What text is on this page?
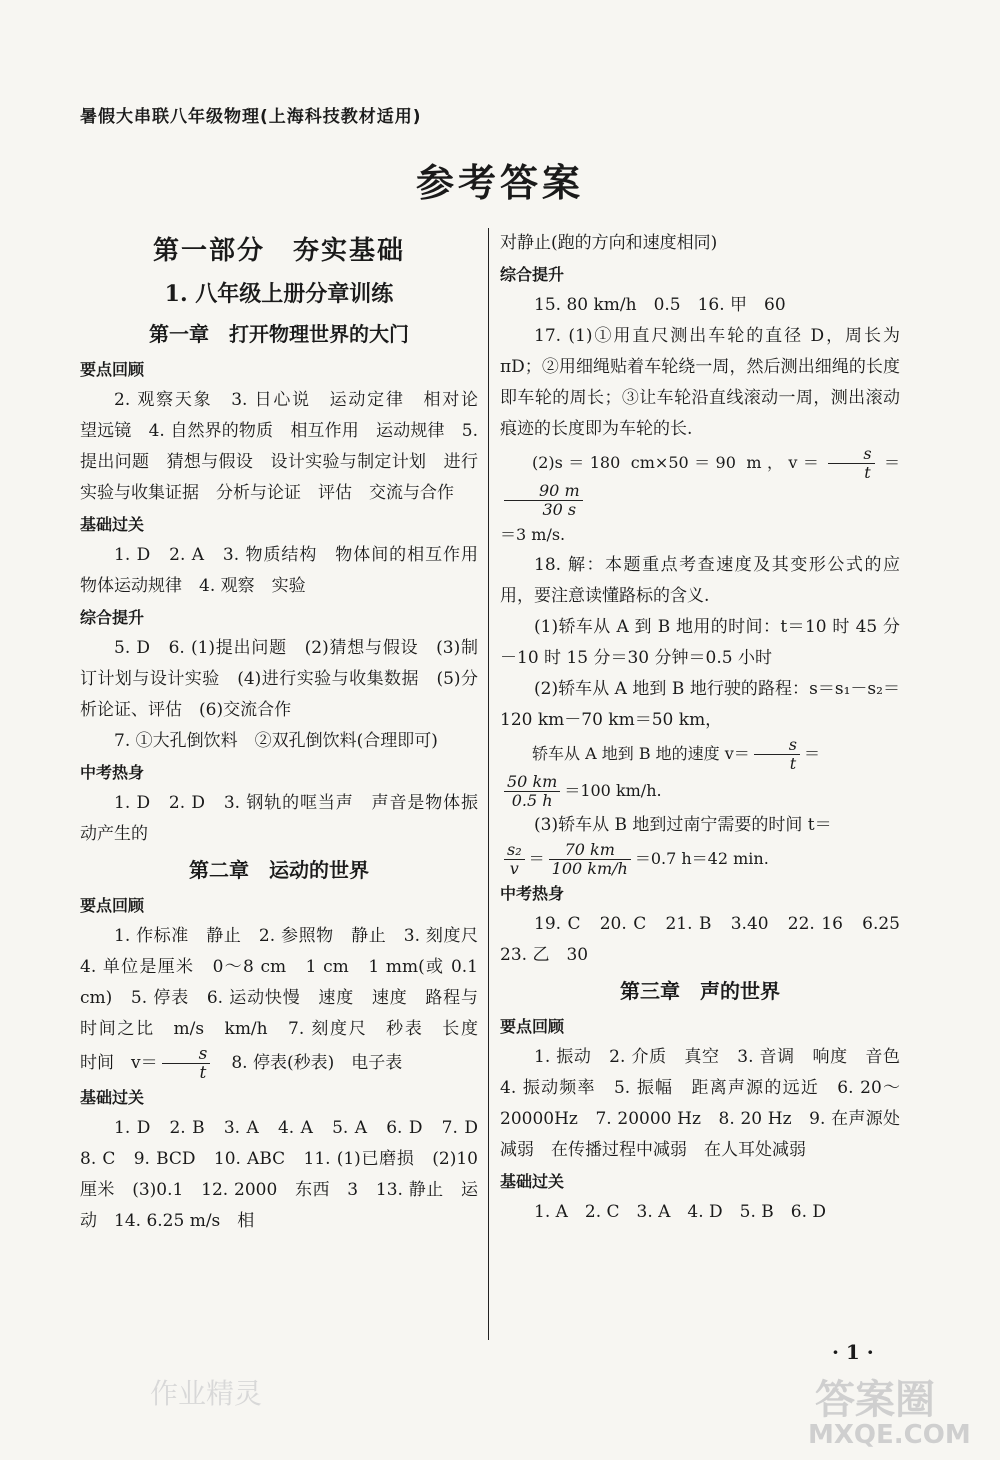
暑假大串联八年级物理(上海科技教材适用)
参考答案
第一部分　夯实基础
1. 八年级上册分章训练
第一章　打开物理世界的大门
要点回顾

2. 观察天象　3. 日心说　运动定律　相对论　望远镜　4. 自然界的物质　相互作用　运动规律　5. 提出问题　猜想与假设　设计实验与制定计划　进行实验与收集证据　分析与论证　评估　交流与合作

基础过关

1. D　2. A　3. 物质结构　物体间的相互作用　物体运动规律　4. 观察　实验

综合提升

5. D　6. (1)提出问题　(2)猜想与假设　(3)制订计划与设计实验　(4)进行实验与收集数据　(5)分析论证、评估　(6)交流合作

7. ①大孔倒饮料　②双孔倒饮料(合理即可)

中考热身

1. D　2. D　3. 钢轨的哐当声　声音是物体振动产生的

第二章　运动的世界
要点回顾

1. 作标准　静止　2. 参照物　静止　3. 刻度尺　4. 单位是厘米　0～8 cm　1 cm　1 mm(或 0.1 cm)　5. 停表　6. 运动快慢　速度　速度　路程与时间之比　m/s　km/h　7. 刻度尺　秒表　长度　时间　$v= \frac{s}{t}$ 　8. 停表(秒表)　电子表

基础过关

1. D　2. B　3. A　4. A　5. A　6. D　7. D　8. C　9. BCD　10. ABC　11. (1)已磨损　(2)10 厘米　(3)0.1　12. 2000　东西　3　13. 静止　运动　14. 6.25 m/s　相

对静止(跑的方向和速度相同)

综合提升

15. 80 km/h　0.5　16. 甲　60

17. (1)①用直尺测出车轮的直径 D，周长为 πD；②用细绳贴着车轮绕一周，然后测出细绳的长度即车轮的周长；③让车轮沿直线滚动一周，测出滚动痕迹的长度即为车轮的长.

(2)s＝180 cm×50＝90 m，$v= \frac{s}{t}$ ＝
$\frac{90 m}{30 s}$

＝3 m/s.

18. 解：本题重点考查速度及其变形公式的应用，要注意读懂路标的含义.

(1)轿车从 A 到 B 地用的时间：t＝10 时 45 分－10 时 15 分＝30 分钟＝0.5 小时

(2)轿车从 A 地到 B 地行驶的路程：s＝s₁－s₂＝120 km－70 km＝50 km，

轿车从 A 地到 B 地的速度 $v= \frac{s}{t}$ ＝
$\frac{50 km}{0.5 h} =100$ km/h.

(3)轿车从 B 地到过南宁需要的时间 t＝

$\frac{\text{s₂}}{v} = \frac{70 km}{100 km/h} =0.7$ h＝42 min.
中考热身

19. C　20. C　21. B　3.40　22. 16　6.25　23. 乙　30

第三章　声的世界
要点回顾

1. 振动　2. 介质　真空　3. 音调　响度　音色　4. 振动频率　5. 振幅　距离声源的远近　6. 20～20000Hz　7. 20000 Hz　8. 20 Hz　9. 在声源处减弱　在传播过程中减弱　在人耳处减弱

基础过关

1. A　2. C　3. A　4. D　5. B　6. D

· 1 ·
作业精灵	答案圈
MXQE.COM
